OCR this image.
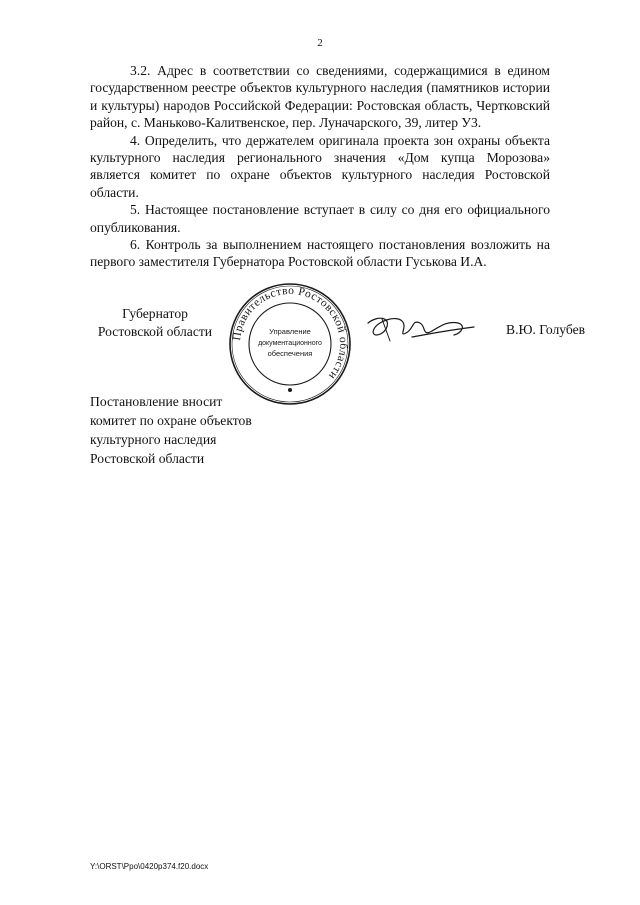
2

3.2. Адрес в соответствии со сведениями, содержащимися в едином государственном реестре объектов культурного наследия (памятников истории и культуры) народов Российской Федерации: Ростовская область, Чертковский район, с. Маньково-Калитвенское, пер. Луначарского, 39, литер У3.

4. Определить, что держателем оригинала проекта зон охраны объекта культурного наследия регионального значения «Дом купца Морозова» является комитет по охране объектов культурного наследия Ростовской области.

5. Настоящее постановление вступает в силу со дня его официального опубликования.

6. Контроль за выполнением настоящего постановления возложить на первого заместителя Губернатора Ростовской области Гуськова И.А.

Губернатор
Ростовской области	Правительство Ростовской области
Управление
документационного
обеспечения
В.Ю. Голубев
Постановление вносит
комитет по охране объектов
культурного наследия
Ростовской области
Y:\ORST\Ppo\0420p374.f20.docx
